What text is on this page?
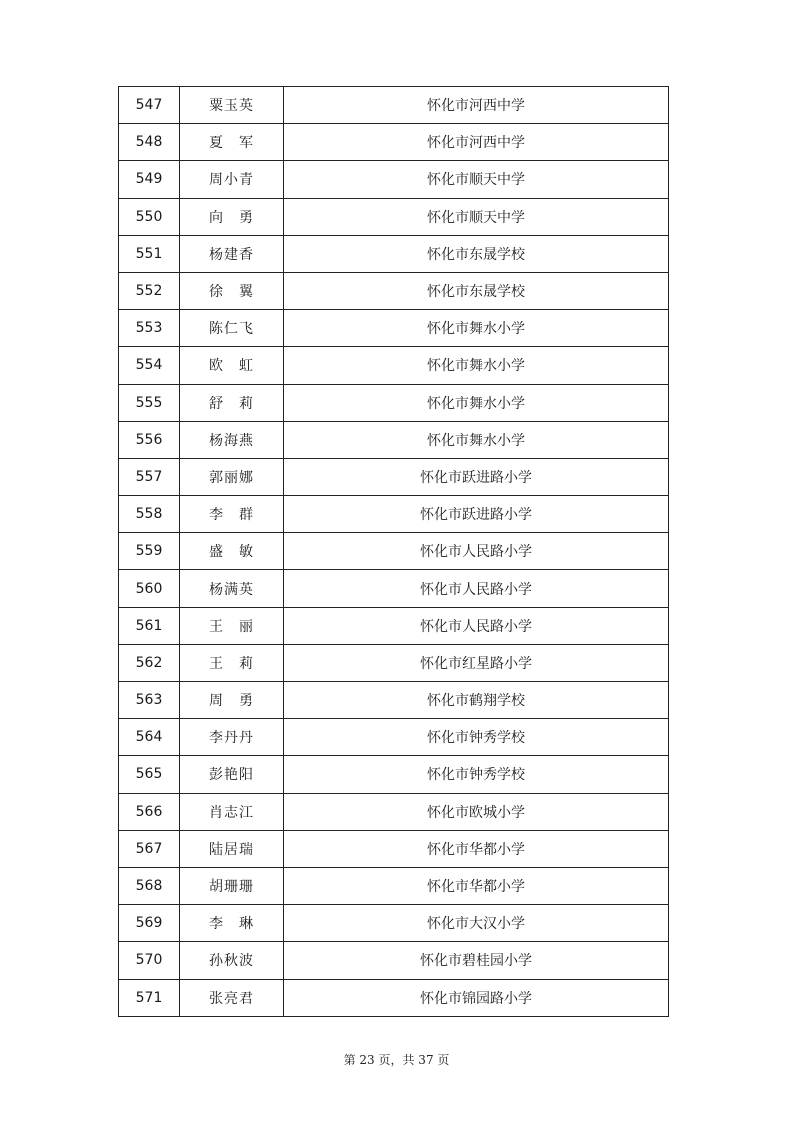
547	粟玉英	怀化市河西中学
548	夏　军	怀化市河西中学
549	周小青	怀化市顺天中学
550	向　勇	怀化市顺天中学
551	杨建香	怀化市东晟学校
552	徐　翼	怀化市东晟学校
553	陈仁飞	怀化市舞水小学
554	欧　虹	怀化市舞水小学
555	舒　莉	怀化市舞水小学
556	杨海燕	怀化市舞水小学
557	郭丽娜	怀化市跃进路小学
558	李　群	怀化市跃进路小学
559	盛　敏	怀化市人民路小学
560	杨满英	怀化市人民路小学
561	王　丽	怀化市人民路小学
562	王　莉	怀化市红星路小学
563	周　勇	怀化市鹤翔学校
564	李丹丹	怀化市钟秀学校
565	彭艳阳	怀化市钟秀学校
566	肖志江	怀化市欧城小学
567	陆居瑞	怀化市华都小学
568	胡珊珊	怀化市华都小学
569	李　琳	怀化市大汉小学
570	孙秋波	怀化市碧桂园小学
571	张亮君	怀化市锦园路小学
第 23 页，共 37 页
